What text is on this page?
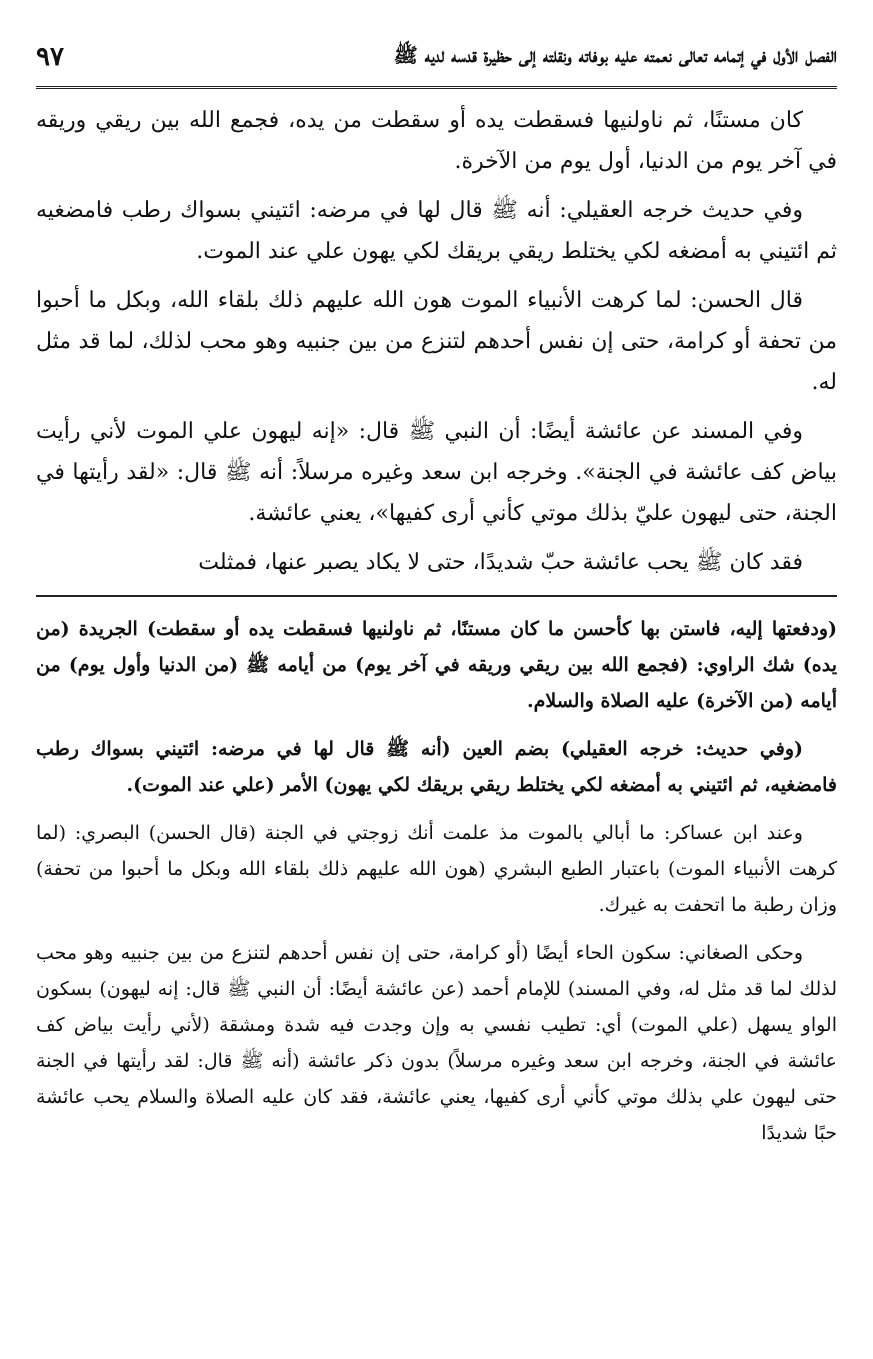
الفصل الأول في إتمامه تعالى نعمته عليه بوفاته ونقلته إلى حظيرة قدسه لديه ﷺ
٩٧

كان مستنًا، ثم ناولنيها فسقطت يده أو سقطت من يده، فجمع الله بين ريقي وريقه في آخر يوم من الدنيا، أول يوم من الآخرة.

وفي حديث خرجه العقيلي: أنه ﷺ قال لها في مرضه: ائتيني بسواك رطب فامضغيه ثم ائتيني به أمضغه لكي يختلط ريقي بريقك لكي يهون علي عند الموت.

قال الحسن: لما كرهت الأنبياء الموت هون الله عليهم ذلك بلقاء الله، وبكل ما أحبوا من تحفة أو كرامة، حتى إن نفس أحدهم لتنزع من بين جنبيه وهو محب لذلك، لما قد مثل له.

وفي المسند عن عائشة أيضًا: أن النبي ﷺ قال: «إنه ليهون علي الموت لأني رأيت بياض كف عائشة في الجنة». وخرجه ابن سعد وغيره مرسلاً: أنه ﷺ قال: «لقد رأيتها في الجنة، حتى ليهون عليّ بذلك موتي كأني أرى كفيها»، يعني عائشة.

فقد كان ﷺ يحب عائشة حبّ شديدًا، حتى لا يكاد يصبر عنها، فمثلت

(ودفعتها إليه، فاستن بها كأحسن ما كان مستنًا، ثم ناولنيها فسقطت يده أو سقطت) الجريدة (من يده) شك الراوي: (فجمع الله بين ريقي وريقه في آخر يوم) من أيامه ﷺ (من الدنيا وأول يوم) من أيامه (من الآخرة) عليه الصلاة والسلام.

(وفي حديث: خرجه العقيلي) بضم العين (أنه ﷺ قال لها في مرضه: ائتيني بسواك رطب فامضغيه، ثم ائتيني به أمضغه لكي يختلط ريقي بريقك لكي يهون) الأمر (علي عند الموت).

وعند ابن عساكر: ما أبالي بالموت مذ علمت أنك زوجتي في الجنة (قال الحسن) البصري: (لما كرهت الأنبياء الموت) باعتبار الطبع البشري (هون الله عليهم ذلك بلقاء الله وبكل ما أحبوا من تحفة) وزان رطبة ما اتحفت به غيرك.

وحكى الصغاني: سكون الحاء أيضًا (أو كرامة، حتى إن نفس أحدهم لتنزع من بين جنبيه وهو محب لذلك لما قد مثل له، وفي المسند) للإمام أحمد (عن عائشة أيضًا: أن النبي ﷺ قال: إنه ليهون) بسكون الواو يسهل (علي الموت) أي: تطيب نفسي به وإن وجدت فيه شدة ومشقة (لأني رأيت بياض كف عائشة في الجنة، وخرجه ابن سعد وغيره مرسلاً) بدون ذكر عائشة (أنه ﷺ قال: لقد رأيتها في الجنة حتى ليهون علي بذلك موتي كأني أرى كفيها، يعني عائشة، فقد كان عليه الصلاة والسلام يحب عائشة حبًا شديدًا
